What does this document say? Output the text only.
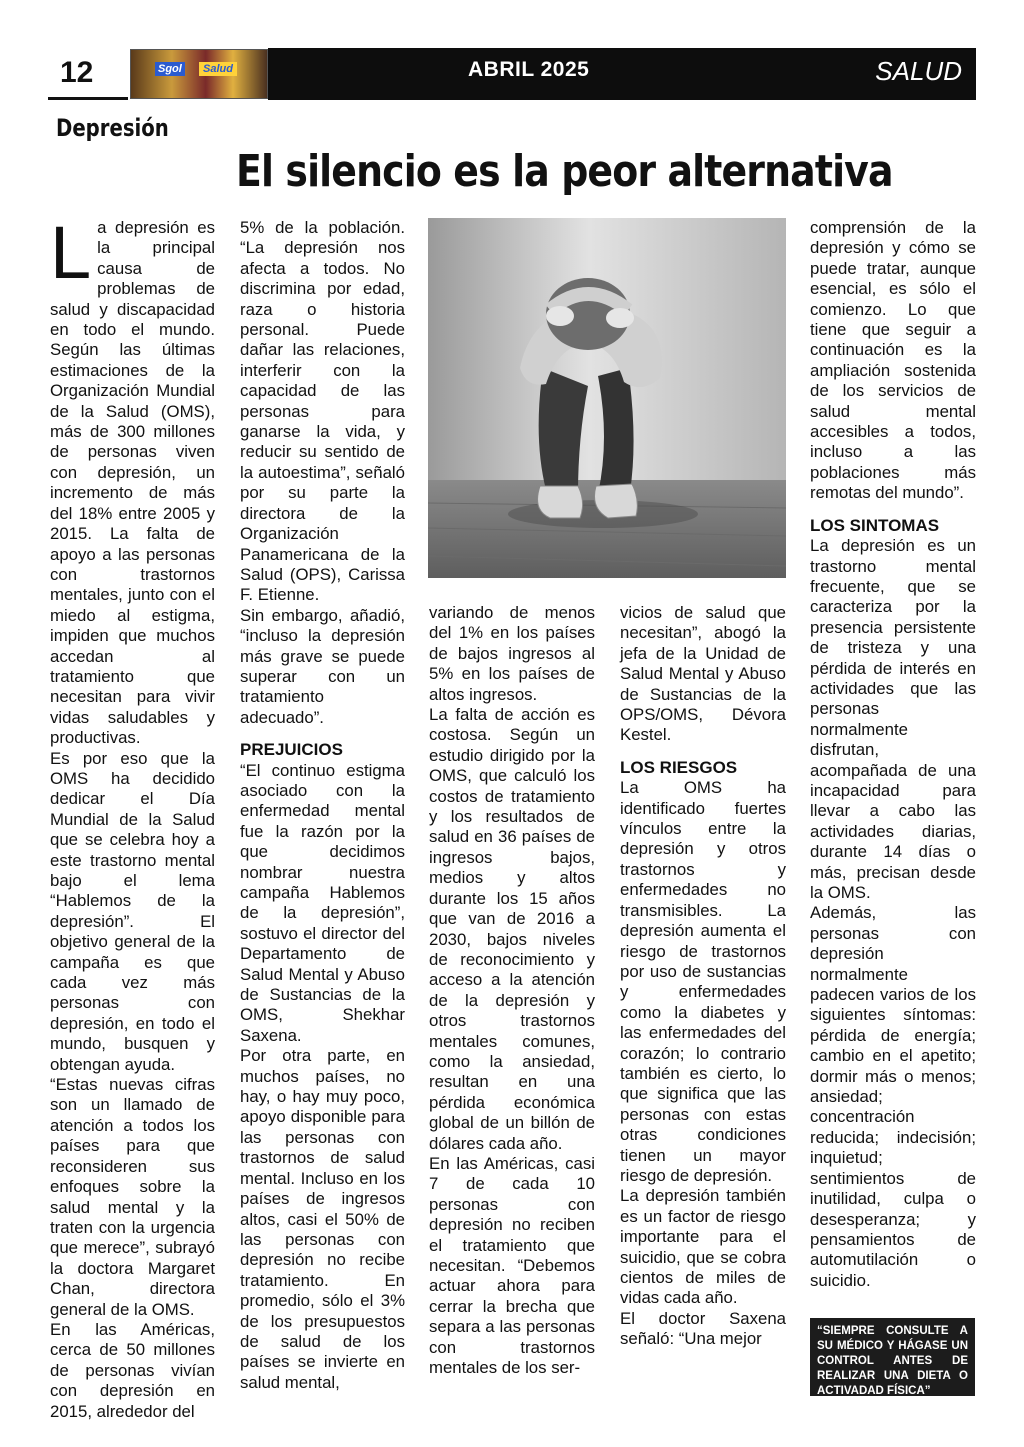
12	Sgol	Salud	ABRIL 2025	SALUD
Depresión
El silencio es la peor alternativa

La depresión es la principal causa de problemas de salud y discapacidad en todo el mundo. Según las últimas estimaciones de la Organización Mundial de la Salud (OMS), más de 300 millones de personas viven con depresión, un incremento de más del 18% entre 2005 y 2015. La falta de apoyo a las personas con trastornos mentales, junto con el miedo al estigma, impiden que muchos accedan al tratamiento que necesitan para vivir vidas saludables y productivas.

Es por eso que la OMS ha decidido dedicar el Día Mundial de la Salud que se celebra hoy a este trastorno mental bajo el lema “Hablemos de la depresión”. El objetivo general de la campaña es que cada vez más personas con depresión, en todo el mundo, busquen y obtengan ayuda.

“Estas nuevas cifras son un llamado de atención a todos los países para que reconsideren sus enfoques sobre la salud mental y la traten con la urgencia que merece”, subrayó la doctora Margaret Chan, directora general de la OMS.

En las Américas, cerca de 50 millones de personas vivían con depresión en 2015, alrededor del

5% de la población. “La depresión nos afecta a todos. No discrimina por edad, raza o historia personal. Puede dañar las relaciones, interferir con la capacidad de las personas para ganarse la vida, y reducir su sentido de la autoestima”, señaló por su parte la directora de la Organización Panamericana de la Salud (OPS), Carissa F. Etienne.

Sin embargo, añadió, “incluso la depresión más grave se puede superar con un tratamiento adecuado”.

PREJUICIOS

“El continuo estigma asociado con la enfermedad mental fue la razón por la que decidimos nombrar nuestra campaña Hablemos de la depresión”, sostuvo el director del Departamento de Salud Mental y Abuso de Sustancias de la OMS, Shekhar Saxena.

Por otra parte, en muchos países, no hay, o hay muy poco, apoyo disponible para las personas con trastornos de salud mental. Incluso en los países de ingresos altos, casi el 50% de las personas con depresión no recibe tratamiento. En promedio, sólo el 3% de los presupuestos de salud de los países se invierte en salud mental,

variando de menos del 1% en los países de bajos ingresos al 5% en los países de altos ingresos.

La falta de acción es costosa. Según un estudio dirigido por la OMS, que calculó los costos de tratamiento y los resultados de salud en 36 países de ingresos bajos, medios y altos durante los 15 años que van de 2016 a 2030, bajos niveles de reconocimiento y acceso a la atención de la depresión y otros trastornos mentales comunes, como la ansiedad, resultan en una pérdida económica global de un billón de dólares cada año.

En las Américas, casi 7 de cada 10 personas con depresión no reciben el tratamiento que necesitan. “Debemos actuar ahora para cerrar la brecha que separa a las personas con trastornos mentales de los ser-

vicios de salud que necesitan”, abogó la jefa de la Unidad de Salud Mental y Abuso de Sustancias de la OPS/OMS, Dévora Kestel.

LOS RIESGOS

La OMS ha identificado fuertes vínculos entre la depresión y otros trastornos y enfermedades no transmisibles. La depresión aumenta el riesgo de trastornos por uso de sustancias y enfermedades como la diabetes y las enfermedades del corazón; lo contrario también es cierto, lo que significa que las personas con estas otras condiciones tienen un mayor riesgo de depresión.

La depresión también es un factor de riesgo importante para el suicidio, que se cobra cientos de miles de vidas cada año.

El doctor Saxena señaló: “Una mejor

comprensión de la depresión y cómo se puede tratar, aunque esencial, es sólo el comienzo. Lo que tiene que seguir a continuación es la ampliación sostenida de los servicios de salud mental accesibles a todos, incluso a las poblaciones más remotas del mundo”.

LOS SINTOMAS

La depresión es un trastorno mental frecuente, que se caracteriza por la presencia persistente de tristeza y una pérdida de interés en actividades que las personas normalmente disfrutan, acompañada de una incapacidad para llevar a cabo las actividades diarias, durante 14 días o más, precisan desde la OMS.

Además, las personas con depresión normalmente padecen varios de los siguientes síntomas: pérdida de energía; cambio en el apetito; dormir más o menos; ansiedad; concentración reducida; indecisión; inquietud; sentimientos de inutilidad, culpa o desesperanza; y pensamientos de automutilación o suicidio.

“SIEMPRE CONSULTE A SU MÉDICO Y HÁGASE UN CONTROL ANTES DE REALIZAR UNA DIETA O ACTIVADAD FÍSICA”
